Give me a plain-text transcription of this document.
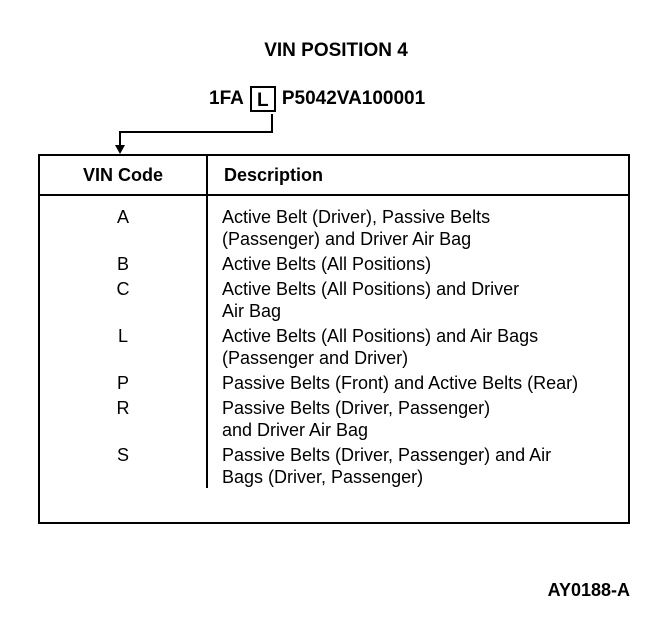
VIN POSITION 4
1FA L P5042VA100001
VIN Code	Description
A	Active Belt (Driver), Passive Belts
(Passenger) and Driver Air Bag
B	Active Belts (All Positions)
C	Active Belts (All Positions) and Driver
Air Bag
L	Active Belts (All Positions) and Air Bags
(Passenger and Driver)
P	Passive Belts (Front) and Active Belts (Rear)
R	Passive Belts (Driver, Passenger)
and Driver Air Bag
S	Passive Belts (Driver, Passenger) and Air
Bags (Driver, Passenger)
AY0188-A
